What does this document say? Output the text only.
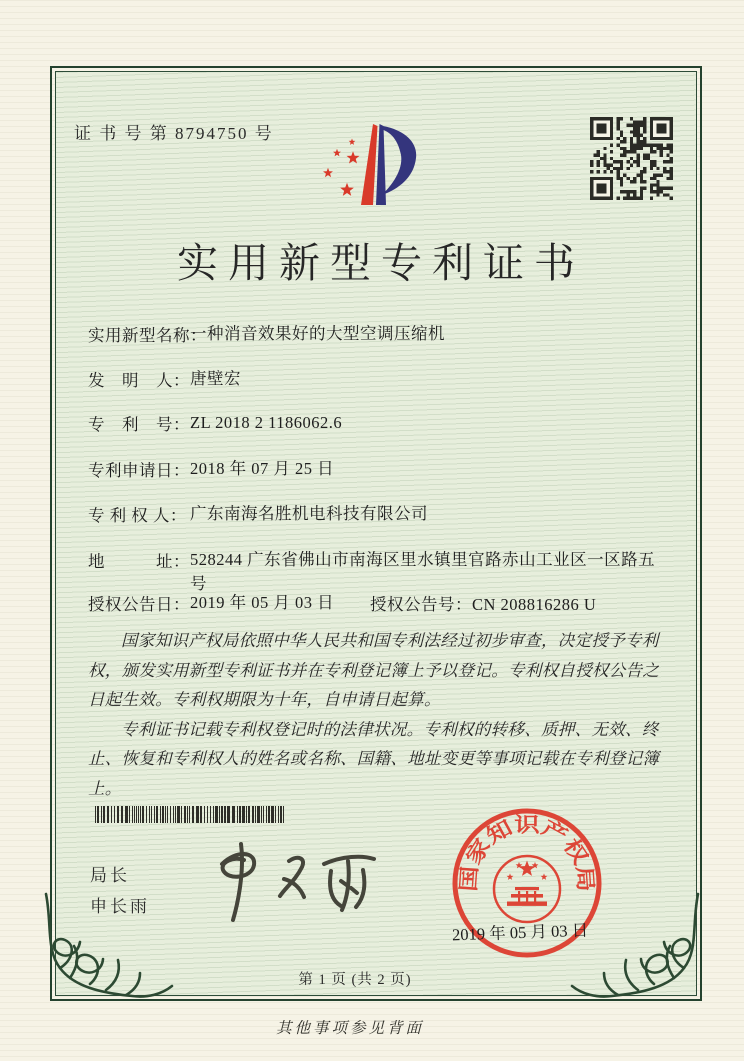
证 书 号 第 8794750 号
实用新型专利证书
实用新型名称：
一种消音效果好的大型空调压缩机
发　明　人： 唐壁宏
专　利　号： ZL 2018 2 1186062.6
专利申请日： 2018 年 07 月 25 日
专 利 权 人： 广东南海名胜机电科技有限公司
地　　　址： 528244 广东省佛山市南海区里水镇里官路赤山工业区一区路五号
授权公告日： 2019 年 05 月 03 日	授权公告号：CN 208816286 U

国家知识产权局依照中华人民共和国专利法经过初步审查，决定授予专利权，颁发实用新型专利证书并在专利登记簿上予以登记。专利权自授权公告之日起生效。专利权期限为十年，自申请日起算。

专利证书记载专利权登记时的法律状况。专利权的转移、质押、无效、终止、恢复和专利权人的姓名或名称、国籍、地址变更等事项记载在专利登记簿上。

局长
申长雨
国家知识产权局
2019 年 05 月 03 日
第 1 页 (共 2 页)
其他事项参见背面
